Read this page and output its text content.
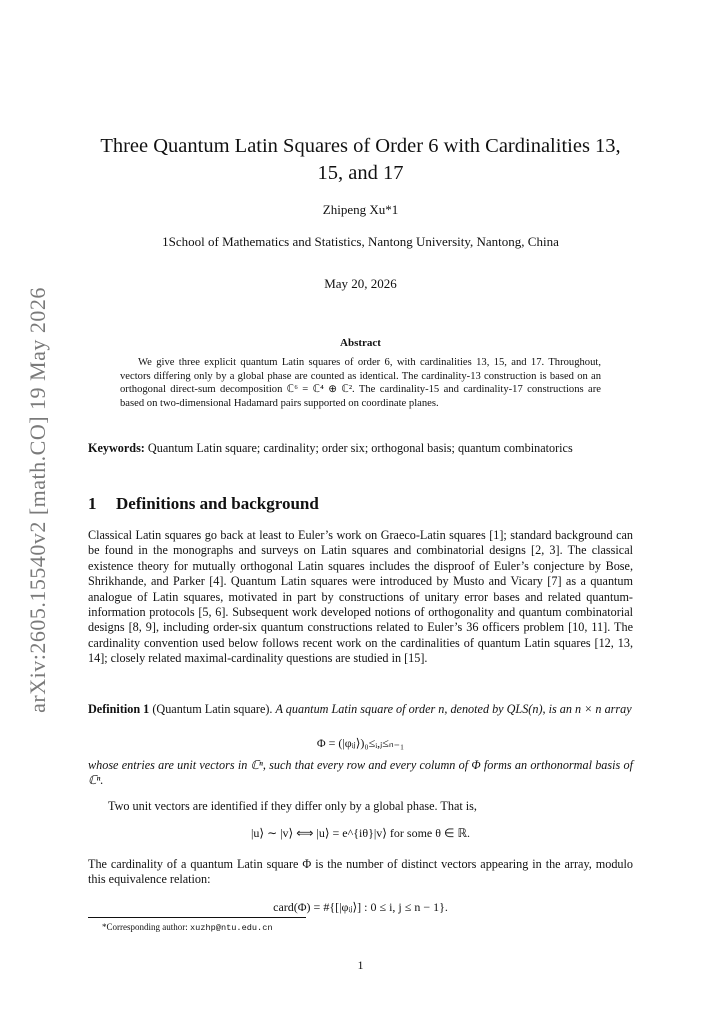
arXiv:2605.15540v2 [math.CO] 19 May 2026
Three Quantum Latin Squares of Order 6 with Cardinalities 13, 15, and 17
Zhipeng Xu*1
1School of Mathematics and Statistics, Nantong University, Nantong, China
May 20, 2026
Abstract
We give three explicit quantum Latin squares of order 6, with cardinalities 13, 15, and 17. Throughout, vectors differing only by a global phase are counted as identical. The cardinality-13 construction is based on an orthogonal direct-sum decomposition ℂ⁶ = ℂ⁴ ⊕ ℂ². The cardinality-15 and cardinality-17 constructions are based on two-dimensional Hadamard pairs supported on coordinate planes.
Keywords: Quantum Latin square; cardinality; order six; orthogonal basis; quantum combinatorics
1 Definitions and background
Classical Latin squares go back at least to Euler’s work on Graeco-Latin squares [1]; standard background can be found in the monographs and surveys on Latin squares and combinatorial designs [2, 3]. The classical existence theory for mutually orthogonal Latin squares includes the disproof of Euler’s conjecture by Bose, Shrikhande, and Parker [4]. Quantum Latin squares were introduced by Musto and Vicary [7] as a quantum analogue of Latin squares, motivated in part by constructions of unitary error bases and related quantum-information protocols [5, 6]. Subsequent work developed notions of orthogonality and quantum combinatorial designs [8, 9], including order-six quantum constructions related to Euler’s 36 officers problem [10, 11]. The cardinality convention used below follows recent work on the cardinalities of quantum Latin squares [12, 13, 14]; closely related maximal-cardinality questions are studied in [15].
Definition 1 (Quantum Latin square). A quantum Latin square of order n, denoted by QLS(n), is an n × n array
Φ = (|φᵢⱼ⟩)₀≤ᵢ,ⱼ≤ₙ₋₁
whose entries are unit vectors in ℂⁿ, such that every row and every column of Φ forms an orthonormal basis of ℂⁿ.
Two unit vectors are identified if they differ only by a global phase. That is,
|u⟩ ∼ |v⟩ ⟺ |u⟩ = e^{iθ}|v⟩ for some θ ∈ ℝ.
The cardinality of a quantum Latin square Φ is the number of distinct vectors appearing in the array, modulo this equivalence relation:
card(Φ) = #{[|φᵢⱼ⟩] : 0 ≤ i, j ≤ n − 1}.
*Corresponding author: xuzhp@ntu.edu.cn
1
